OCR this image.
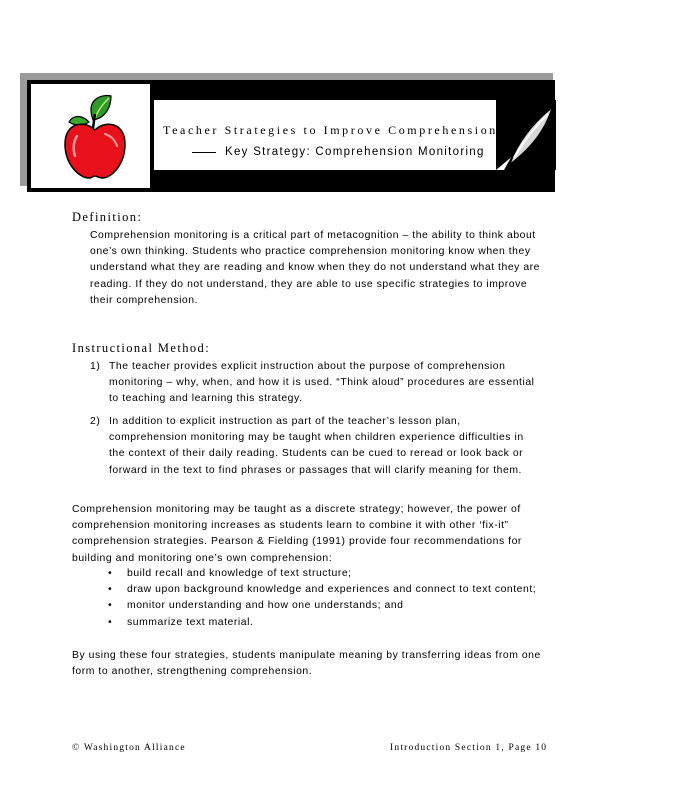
Teacher Strategies to Improve Comprehension
Key Strategy: Comprehension Monitoring
Definition:

Comprehension monitoring is a critical part of metacognition – the ability to think about one’s own thinking. Students who practice comprehension monitoring know when they understand what they are reading and know when they do not understand what they are reading. If they do not understand, they are able to use specific strategies to improve their comprehension.

Instructional Method:
1) The teacher provides explicit instruction about the purpose of comprehension monitoring – why, when, and how it is used. “Think aloud” procedures are essential to teaching and learning this strategy.
2) In addition to explicit instruction as part of the teacher’s lesson plan, comprehension monitoring may be taught when children experience difficulties in the context of their daily reading. Students can be cued to reread or look back or forward in the text to find phrases or passages that will clarify meaning for them.

Comprehension monitoring may be taught as a discrete strategy; however, the power of comprehension monitoring increases as students learn to combine it with other ‘fix-it” comprehension strategies. Pearson & Fielding (1991) provide four recommendations for building and monitoring one’s own comprehension:

• build recall and knowledge of text structure;
• draw upon background knowledge and experiences and connect to text content;
• monitor understanding and how one understands; and
• summarize text material.

By using these four strategies, students manipulate meaning by transferring ideas from one form to another, strengthening comprehension.

© Washington Alliance	Introduction Section 1, Page 10
